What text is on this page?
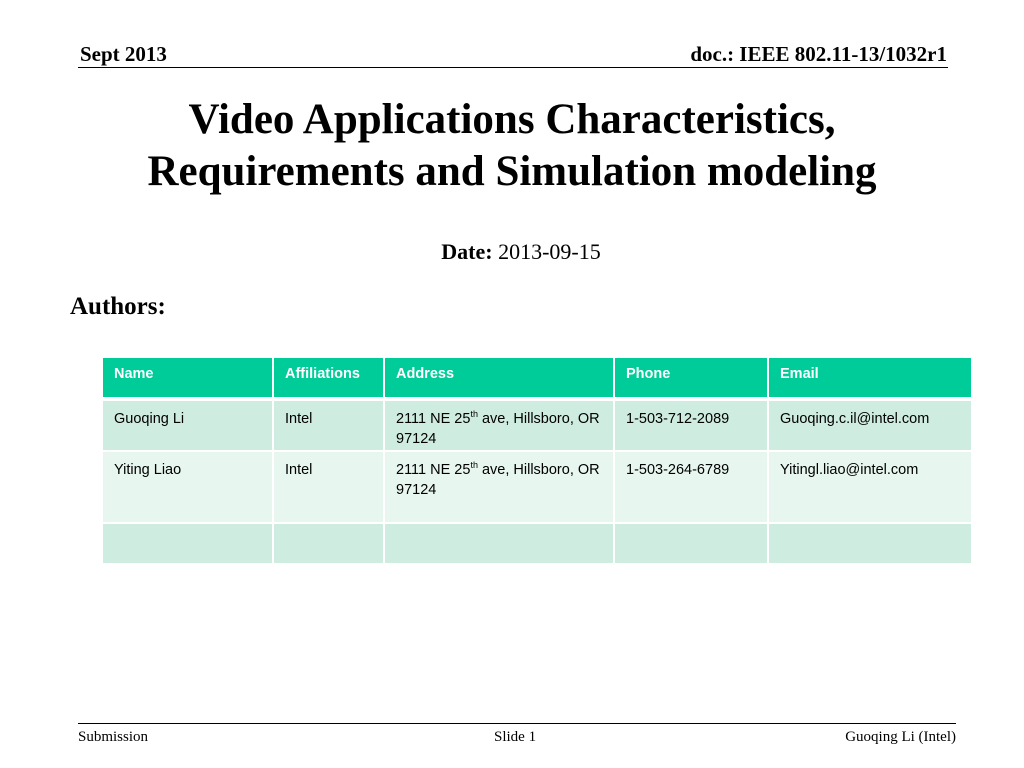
Sept 2013	doc.: IEEE 802.11-13/1032r1
Video Applications Characteristics,
Requirements and Simulation modeling
Date: 2013-09-15
Authors:
Name	Affiliations	Address	Phone	Email
Guoqing Li	Intel	2111 NE 25th ave, Hillsboro, OR 97124	1-503-712-2089	Guoqing.c.il@intel.com
Yiting Liao	Intel	2111 NE 25th ave, Hillsboro, OR 97124	1-503-264-6789	Yitingl.liao@intel.com

Submission	Slide 1	Guoqing Li (Intel)
